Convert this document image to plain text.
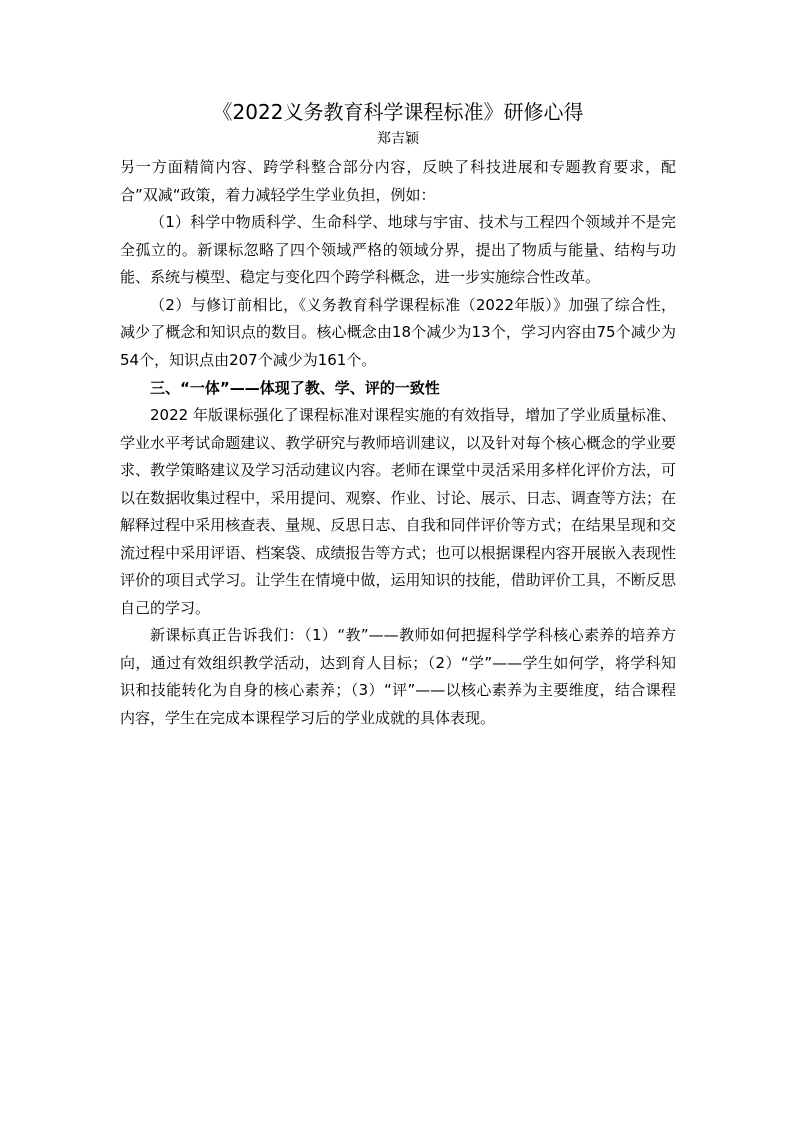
《2022义务教育科学课程标准》研修心得

郑吉颖

另一方面精简内容、跨学科整合部分内容，反映了科技进展和专题教育要求，配合”双减“政策，着力减轻学生学业负担，例如：

（1）科学中物质科学、生命科学、地球与宇宙、技术与工程四个领域并不是完全孤立的。新课标忽略了四个领域严格的领域分界，提出了物质与能量、结构与功能、系统与模型、稳定与变化四个跨学科概念，进一步实施综合性改革。

（2）与修订前相比，《义务教育科学课程标准（2022年版）》加强了综合性，减少了概念和知识点的数目。核心概念由18个减少为13个，学习内容由75个减少为54个，知识点由207个减少为161个。

三、“一体”——体现了教、学、评的一致性

2022 年版课标强化了课程标准对课程实施的有效指导，增加了学业质量标准、学业水平考试命题建议、教学研究与教师培训建议，以及针对每个核心概念的学业要求、教学策略建议及学习活动建议内容。老师在课堂中灵活采用多样化评价方法，可以在数据收集过程中，采用提问、观察、作业、讨论、展示、日志、调查等方法；在解释过程中采用核查表、量规、反思日志、自我和同伴评价等方式；在结果呈现和交流过程中采用评语、档案袋、成绩报告等方式；也可以根据课程内容开展嵌入表现性评价的项目式学习。让学生在情境中做，运用知识的技能，借助评价工具，不断反思自己的学习。

新课标真正告诉我们：（1）“教”——教师如何把握科学学科核心素养的培养方向，通过有效组织教学活动，达到育人目标；（2）“学”——学生如何学，将学科知识和技能转化为自身的核心素养；（3）“评”——以核心素养为主要维度，结合课程内容，学生在完成本课程学习后的学业成就的具体表现。
